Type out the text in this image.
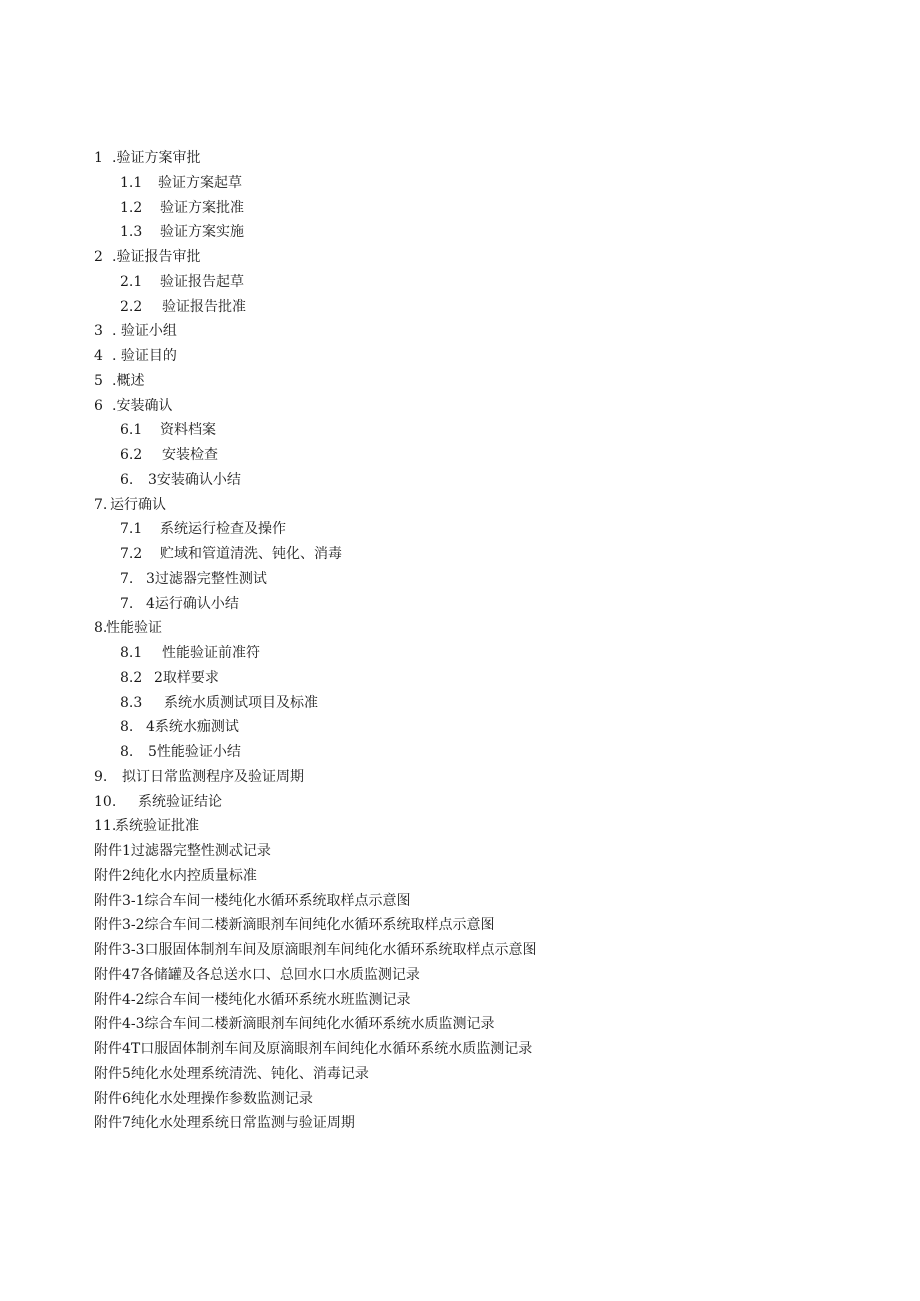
1 .验证方案审批
1.1 验证方案起草
1.2 验证方案批准
1.3 验证方案实施
2 .验证报告审批
2.1 验证报告起草
2.2 验证报告批准
3 . 验证小组
4 . 验证目的
5 .概述
6 .安装确认
6.1 资料档案
6.2 安装检查
6. 3安装确认小结
7. 运行确认
7.1 系统运行检查及操作
7.2 贮域和管道清洗、钝化、消毒
7. 3过滤器完整性测试
7. 4运行确认小结
8.
性能验证
8.1 性能验证前准符
8.2 2取样要求
8.3 系统水质测试项目及标准
8. 4系统水痂测试
8. 5性能验证小结
9. 拟订日常监测程序及验证周期
10. 系统验证结论
11.
系统验证批准
附件1过滤器完整性测忒记录
附件2纯化水内控质量标准
附件3-1综合车间一楼纯化水循环系统取样点示意图
附件3-2综合车间二楼新滴眼剂车间纯化水循环系统取样点示意图
附件3-3口服固体制剂车间及原滴眼剂车间纯化水循环系统取样点示意图
附件47各储罐及各总送水口、总回水口水质监测记录
附件4-2综合车间一楼纯化水循环系统水班监测记录
附件4-3综合车间二楼新滴眼剂车间纯化水循环系统水质监测记录
附件4T口服固体制剂车间及原滴眼剂车间纯化水循环系统水质监测记录
附件5纯化水处理系统清洗、钝化、消毒记录
附件6纯化水处理操作参数监测记录
附件7纯化水处理系统日常监测与验证周期
